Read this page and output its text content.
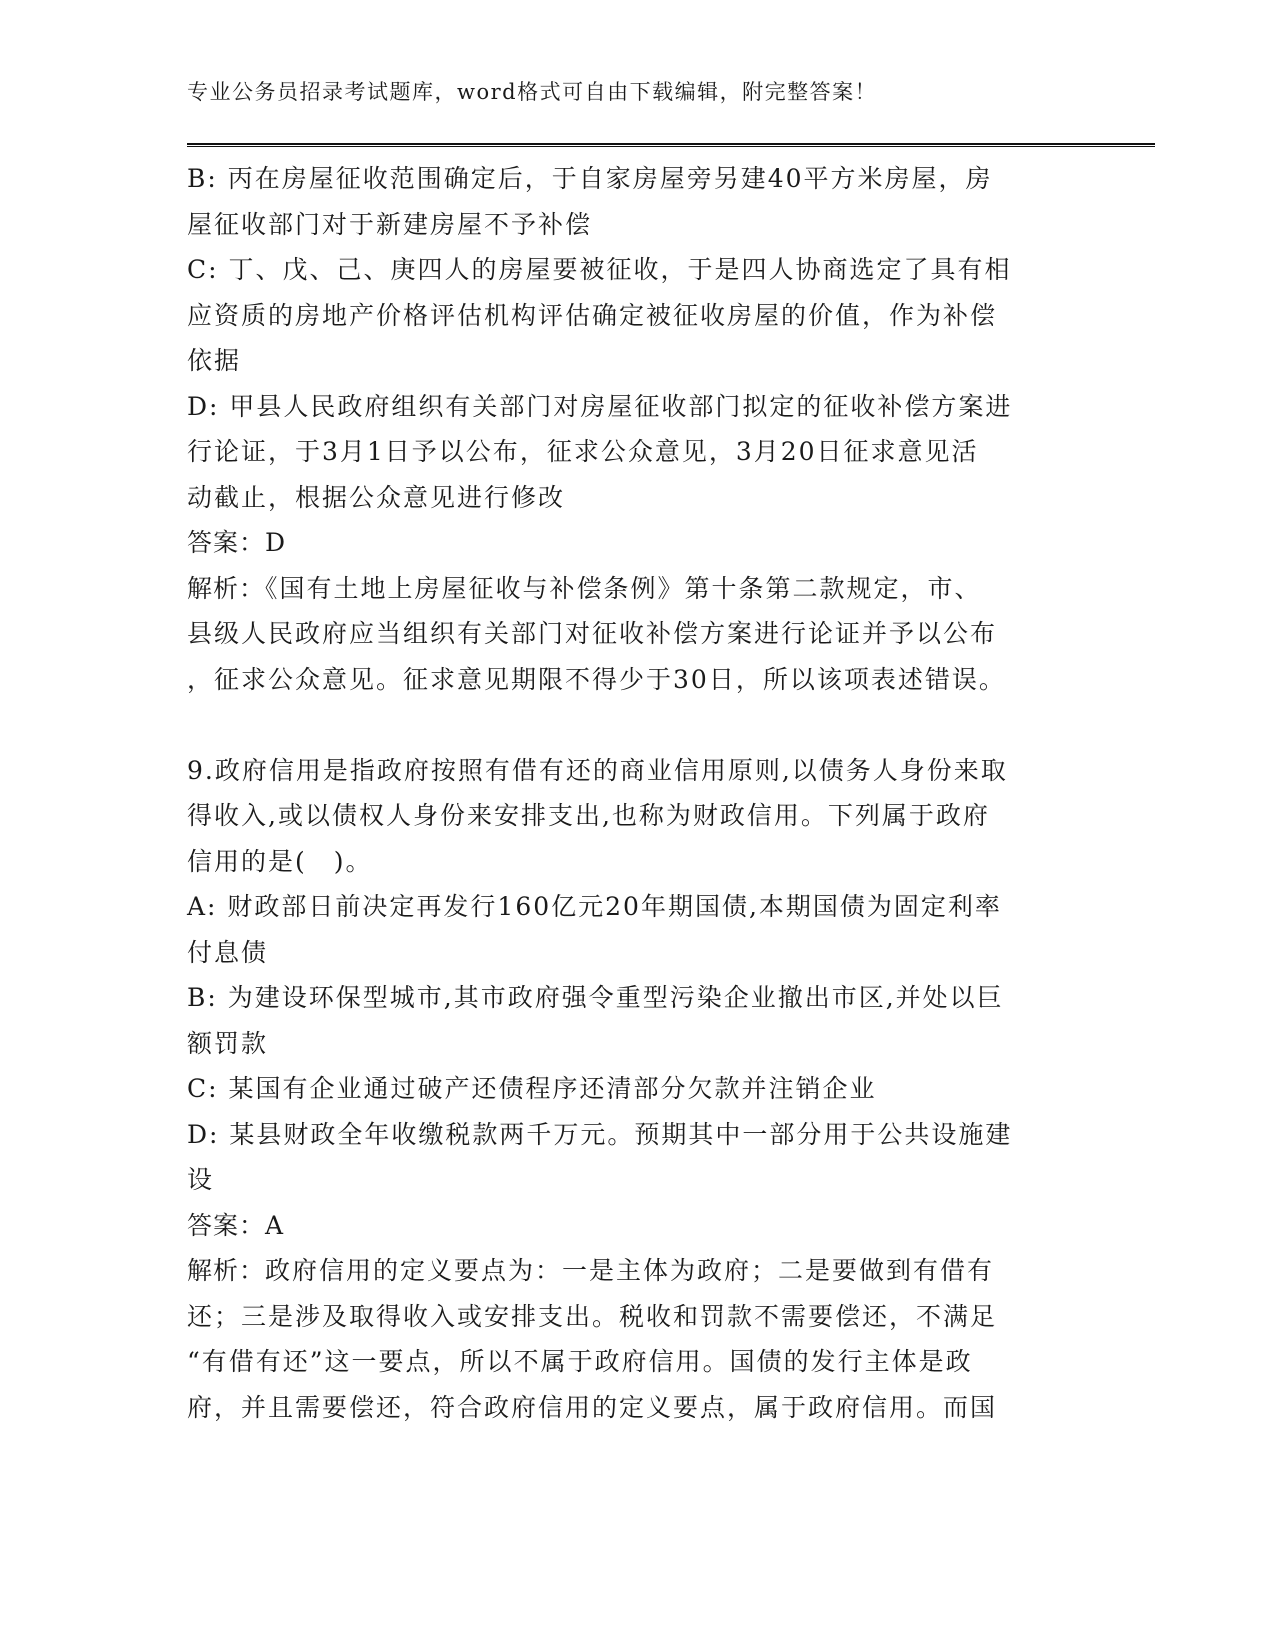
专业公务员招录考试题库，word格式可自由下载编辑，附完整答案！
B: 丙在房屋征收范围确定后，于自家房屋旁另建40平方米房屋，房
屋征收部门对于新建房屋不予补偿
C: 丁、戊、己、庚四人的房屋要被征收，于是四人协商选定了具有相
应资质的房地产价格评估机构评估确定被征收房屋的价值，作为补偿
依据
D: 甲县人民政府组织有关部门对房屋征收部门拟定的征收补偿方案进
行论证，于3月1日予以公布，征求公众意见，3月20日征求意见活
动截止，根据公众意见进行修改
答案：D
解析：《国有土地上房屋征收与补偿条例》第十条第二款规定，市、
县级人民政府应当组织有关部门对征收补偿方案进行论证并予以公布
，征求公众意见。征求意见期限不得少于30日，所以该项表述错误。
9.政府信用是指政府按照有借有还的商业信用原则,以债务人身份来取
得收入,或以债权人身份来安排支出,也称为财政信用。下列属于政府
信用的是(　)。
A: 财政部日前决定再发行160亿元20年期国债,本期国债为固定利率
付息债
B: 为建设环保型城市,其市政府强令重型污染企业撤出市区,并处以巨
额罚款
C: 某国有企业通过破产还债程序还清部分欠款并注销企业
D: 某县财政全年收缴税款两千万元。预期其中一部分用于公共设施建
设
答案：A
解析：政府信用的定义要点为：一是主体为政府；二是要做到有借有
还；三是涉及取得收入或安排支出。税收和罚款不需要偿还，不满足
“有借有还”这一要点，所以不属于政府信用。国债的发行主体是政
府，并且需要偿还，符合政府信用的定义要点，属于政府信用。而国
